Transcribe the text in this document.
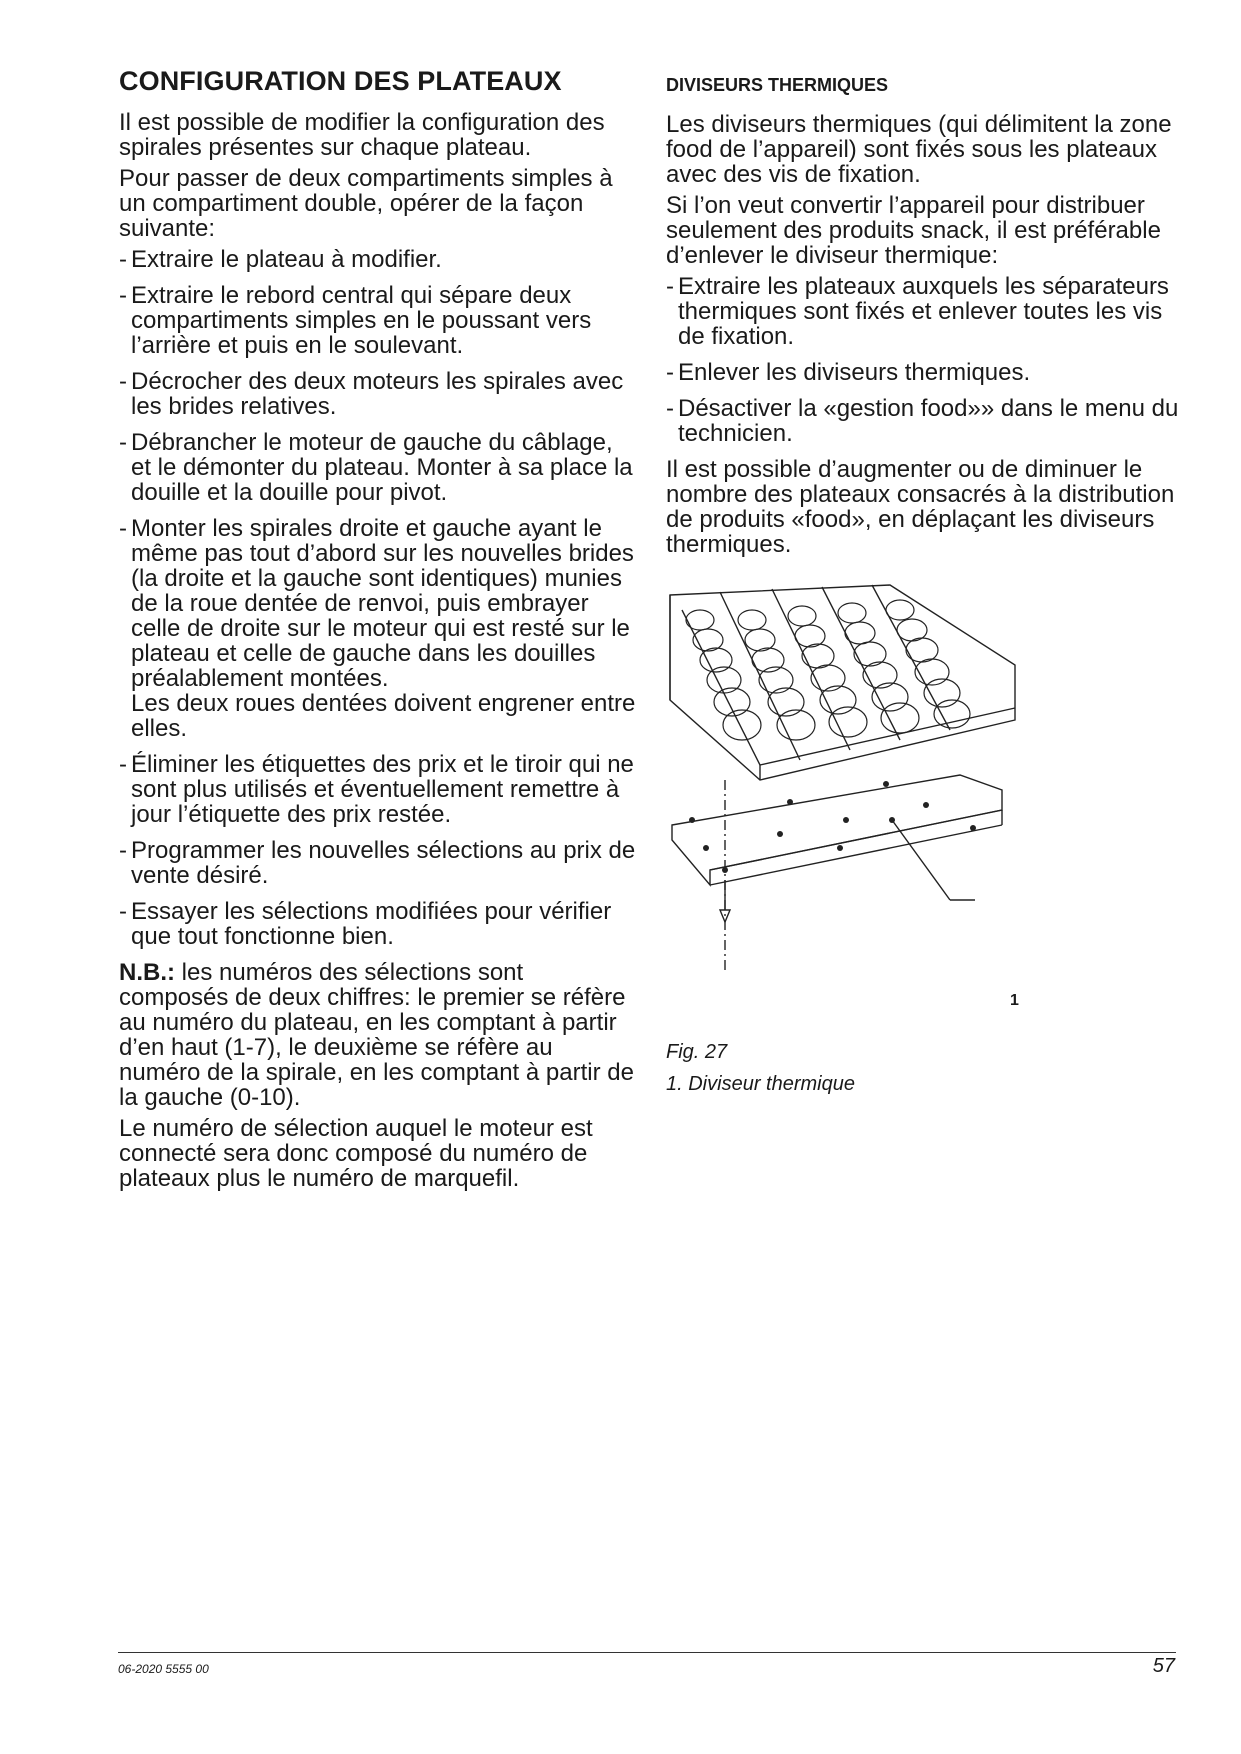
CONFIGURATION DES PLATEAUX

Il est possible de modifier la configuration des spirales présentes sur chaque plateau.

Pour passer de deux compartiments simples à un compartiment double, opérer de la façon suivante:

- Extraire le plateau à modifier.
- Extraire le rebord central qui sépare deux compartiments simples en le poussant vers l’arrière et puis en le soulevant.
- Décrocher des deux moteurs les spirales avec les brides relatives.
- Débrancher le moteur de gauche du câblage, et le démonter du plateau. Monter à sa place la douille et la douille pour pivot.
- Monter les spirales droite et gauche ayant le même pas tout d’abord sur les nouvelles brides (la droite et la gauche sont identiques) munies de la roue dentée de renvoi, puis embrayer celle de droite sur le moteur qui est resté sur le plateau et celle de gauche dans les douilles préalablement montées.
Les deux roues dentées doivent engrener entre elles.
- Éliminer les étiquettes des prix et le tiroir qui ne sont plus utilisés et éventuellement remettre à jour l’étiquette des prix restée.
- Programmer les nouvelles sélections au prix de vente désiré.
- Essayer les sélections modifiées pour vérifier que tout fonctionne bien.

N.B.: les numéros des sélections sont composés de deux chiffres: le premier se réfère au numéro du plateau, en les comptant à partir d’en haut (1-7), le deuxième se réfère au numéro de la spirale, en les comptant à partir de la gauche (0-10).

Le numéro de sélection auquel le moteur est connecté sera donc composé du numéro de plateaux plus le numéro de marquefil.

DIVISEURS THERMIQUES

Les diviseurs thermiques (qui délimitent la zone food de l’appareil) sont fixés sous les plateaux avec des vis de fixation.

Si l’on veut convertir l’appareil pour distribuer seulement des produits snack, il est préférable d’enlever le diviseur thermique:

- Extraire les plateaux auxquels les séparateurs thermiques sont fixés et enlever toutes les vis de fixation.
- Enlever les diviseurs thermiques.
- Désactiver la «gestion food»» dans le menu du technicien.

Il est possible d’augmenter ou de diminuer le nombre des plateaux consacrés à la distribution de produits «food», en déplaçant les diviseurs thermiques.

1
Fig. 27
1. Diviseur thermique
06-2020 5555 00	57
